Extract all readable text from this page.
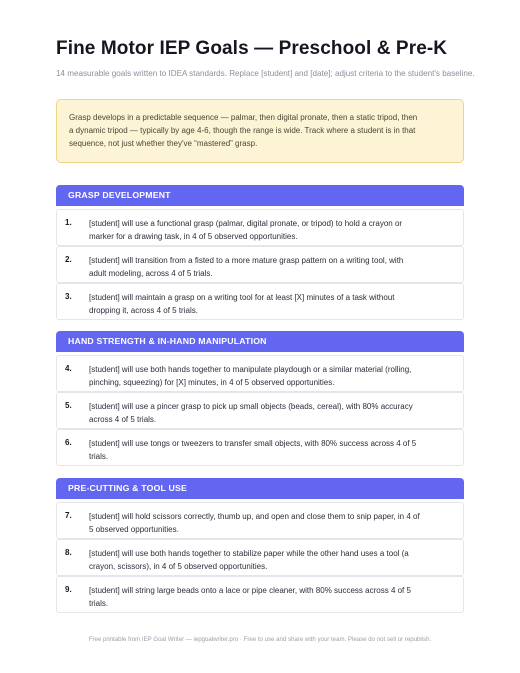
Fine Motor IEP Goals — Preschool & Pre-K
14 measurable goals written to IDEA standards. Replace [student] and [date]; adjust criteria to the student's baseline.
Grasp develops in a predictable sequence — palmar, then digital pronate, then a static tripod, then
a dynamic tripod — typically by age 4-6, though the range is wide. Track where a student is in that
sequence, not just whether they've “mastered” grasp.
GRASP DEVELOPMENT
1. [student] will use a functional grasp (palmar, digital pronate, or tripod) to hold a crayon or
marker for a drawing task, in 4 of 5 observed opportunities.
2. [student] will transition from a fisted to a more mature grasp pattern on a writing tool, with
adult modeling, across 4 of 5 trials.
3. [student] will maintain a grasp on a writing tool for at least [X] minutes of a task without
dropping it, across 4 of 5 trials.
HAND STRENGTH & IN-HAND MANIPULATION
4. [student] will use both hands together to manipulate playdough or a similar material (rolling,
pinching, squeezing) for [X] minutes, in 4 of 5 observed opportunities.
5. [student] will use a pincer grasp to pick up small objects (beads, cereal), with 80% accuracy
across 4 of 5 trials.
6. [student] will use tongs or tweezers to transfer small objects, with 80% success across 4 of 5
trials.
PRE-CUTTING & TOOL USE
7. [student] will hold scissors correctly, thumb up, and open and close them to snip paper, in 4 of
5 observed opportunities.
8. [student] will use both hands together to stabilize paper while the other hand uses a tool (a
crayon, scissors), in 4 of 5 observed opportunities.
9. [student] will string large beads onto a lace or pipe cleaner, with 80% success across 4 of 5
trials.
Free printable from IEP Goal Writer — iepgoalwriter.pro · Free to use and share with your team. Please do not sell or republish.
